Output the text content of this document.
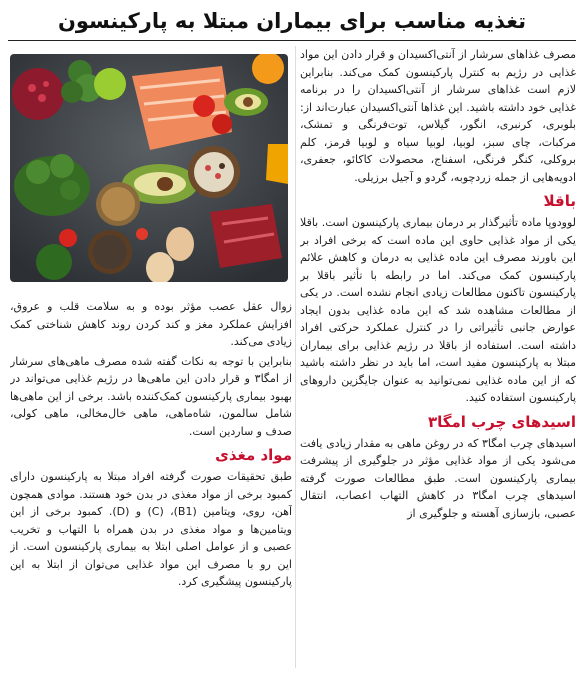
تغذیه مناسب برای بیماران مبتلا به پارکینسون

مصرف غذاهای سرشار از آنتی‌اکسیدان و قرار دادن این مواد غذایی در رژیم به کنترل پارکینسون کمک می‌کند. بنابراین لازم است غذاهای سرشار از آنتی‌اکسیدان را در برنامه غذایی خود داشته باشید. این غذاها آنتی‌اکسیدان عبارت‌اند از: بلوبری، کرنبری، انگور، گیلاس، توت‌فرنگی و تمشک، مرکبات، چای سبز، لوبیا، لوبیا سیاه و لوبیا قرمز، کلم بروکلی، کنگر فرنگی، اسفناج، محصولات کاکائو، جعفری، ادویه‌هایی از جمله زردچوبه، گردو و آجیل برزیلی.

باقلا

لوودوپا ماده تأثیرگذار بر درمان بیماری پارکینسون است. باقلا یکی از مواد غذایی حاوی این ماده است که برخی افراد بر این باورند مصرف این ماده غذایی به درمان و کاهش علائم پارکینسون کمک می‌کند. اما در رابطه با تأثیر باقلا بر پارکینسون تاکنون مطالعات زیادی انجام نشده است. در یکی از مطالعات مشاهده شد که این ماده غذایی بدون ایجاد عوارض جانبی تأثیراتی را در کنترل عملکرد حرکتی افراد داشته است. استفاده از باقلا در رژیم غذایی برای بیماران مبتلا به پارکینسون مفید است، اما باید در نظر داشته باشید که از این ماده غذایی نمی‌توانید به عنوان جایگزین داروهای پارکینسون استفاده کنید.

اسیدهای چرب امگا۳

اسیدهای چرب امگا۳ که در روغن ماهی به مقدار زیادی یافت می‌شود یکی از مواد غذایی مؤثر در جلوگیری از پیشرفت بیماری پارکینسون است. طبق مطالعات صورت گرفته اسیدهای چرب امگا۳ در کاهش التهاب اعصاب، انتقال عصبی، بازسازی آهسته و جلوگیری از

زوال عقل عصب مؤثر بوده و به سلامت قلب و عروق، افزایش عملکرد مغز و کند کردن روند کاهش شناختی کمک زیادی می‌کند.

بنابراین با توجه به نکات گفته شده مصرف ماهی‌های سرشار از امگا۳ و قرار دادن این ماهی‌ها در رژیم غذایی می‌تواند در بهبود بیماری پارکینسون کمک‌کننده باشد. برخی از این ماهی‌ها شامل سالمون، شاه‌ماهی، ماهی خال‌مخالی، ماهی کولی، صدف و ساردین است.

مواد مغذی

طبق تحقیقات صورت گرفته افراد مبتلا به پارکینسون دارای کمبود برخی از مواد مغذی در بدن خود هستند. موادی همچون آهن، روی، ویتامین (B1)، (C) و (D). کمبود برخی از این ویتامین‌ها و مواد مغذی در بدن همراه با التهاب و تخریب عصبی و از عوامل اصلی ابتلا به بیماری پارکینسون است. از این رو با مصرف این مواد غذایی می‌توان از ابتلا به این پارکینسون پیشگیری کرد.
